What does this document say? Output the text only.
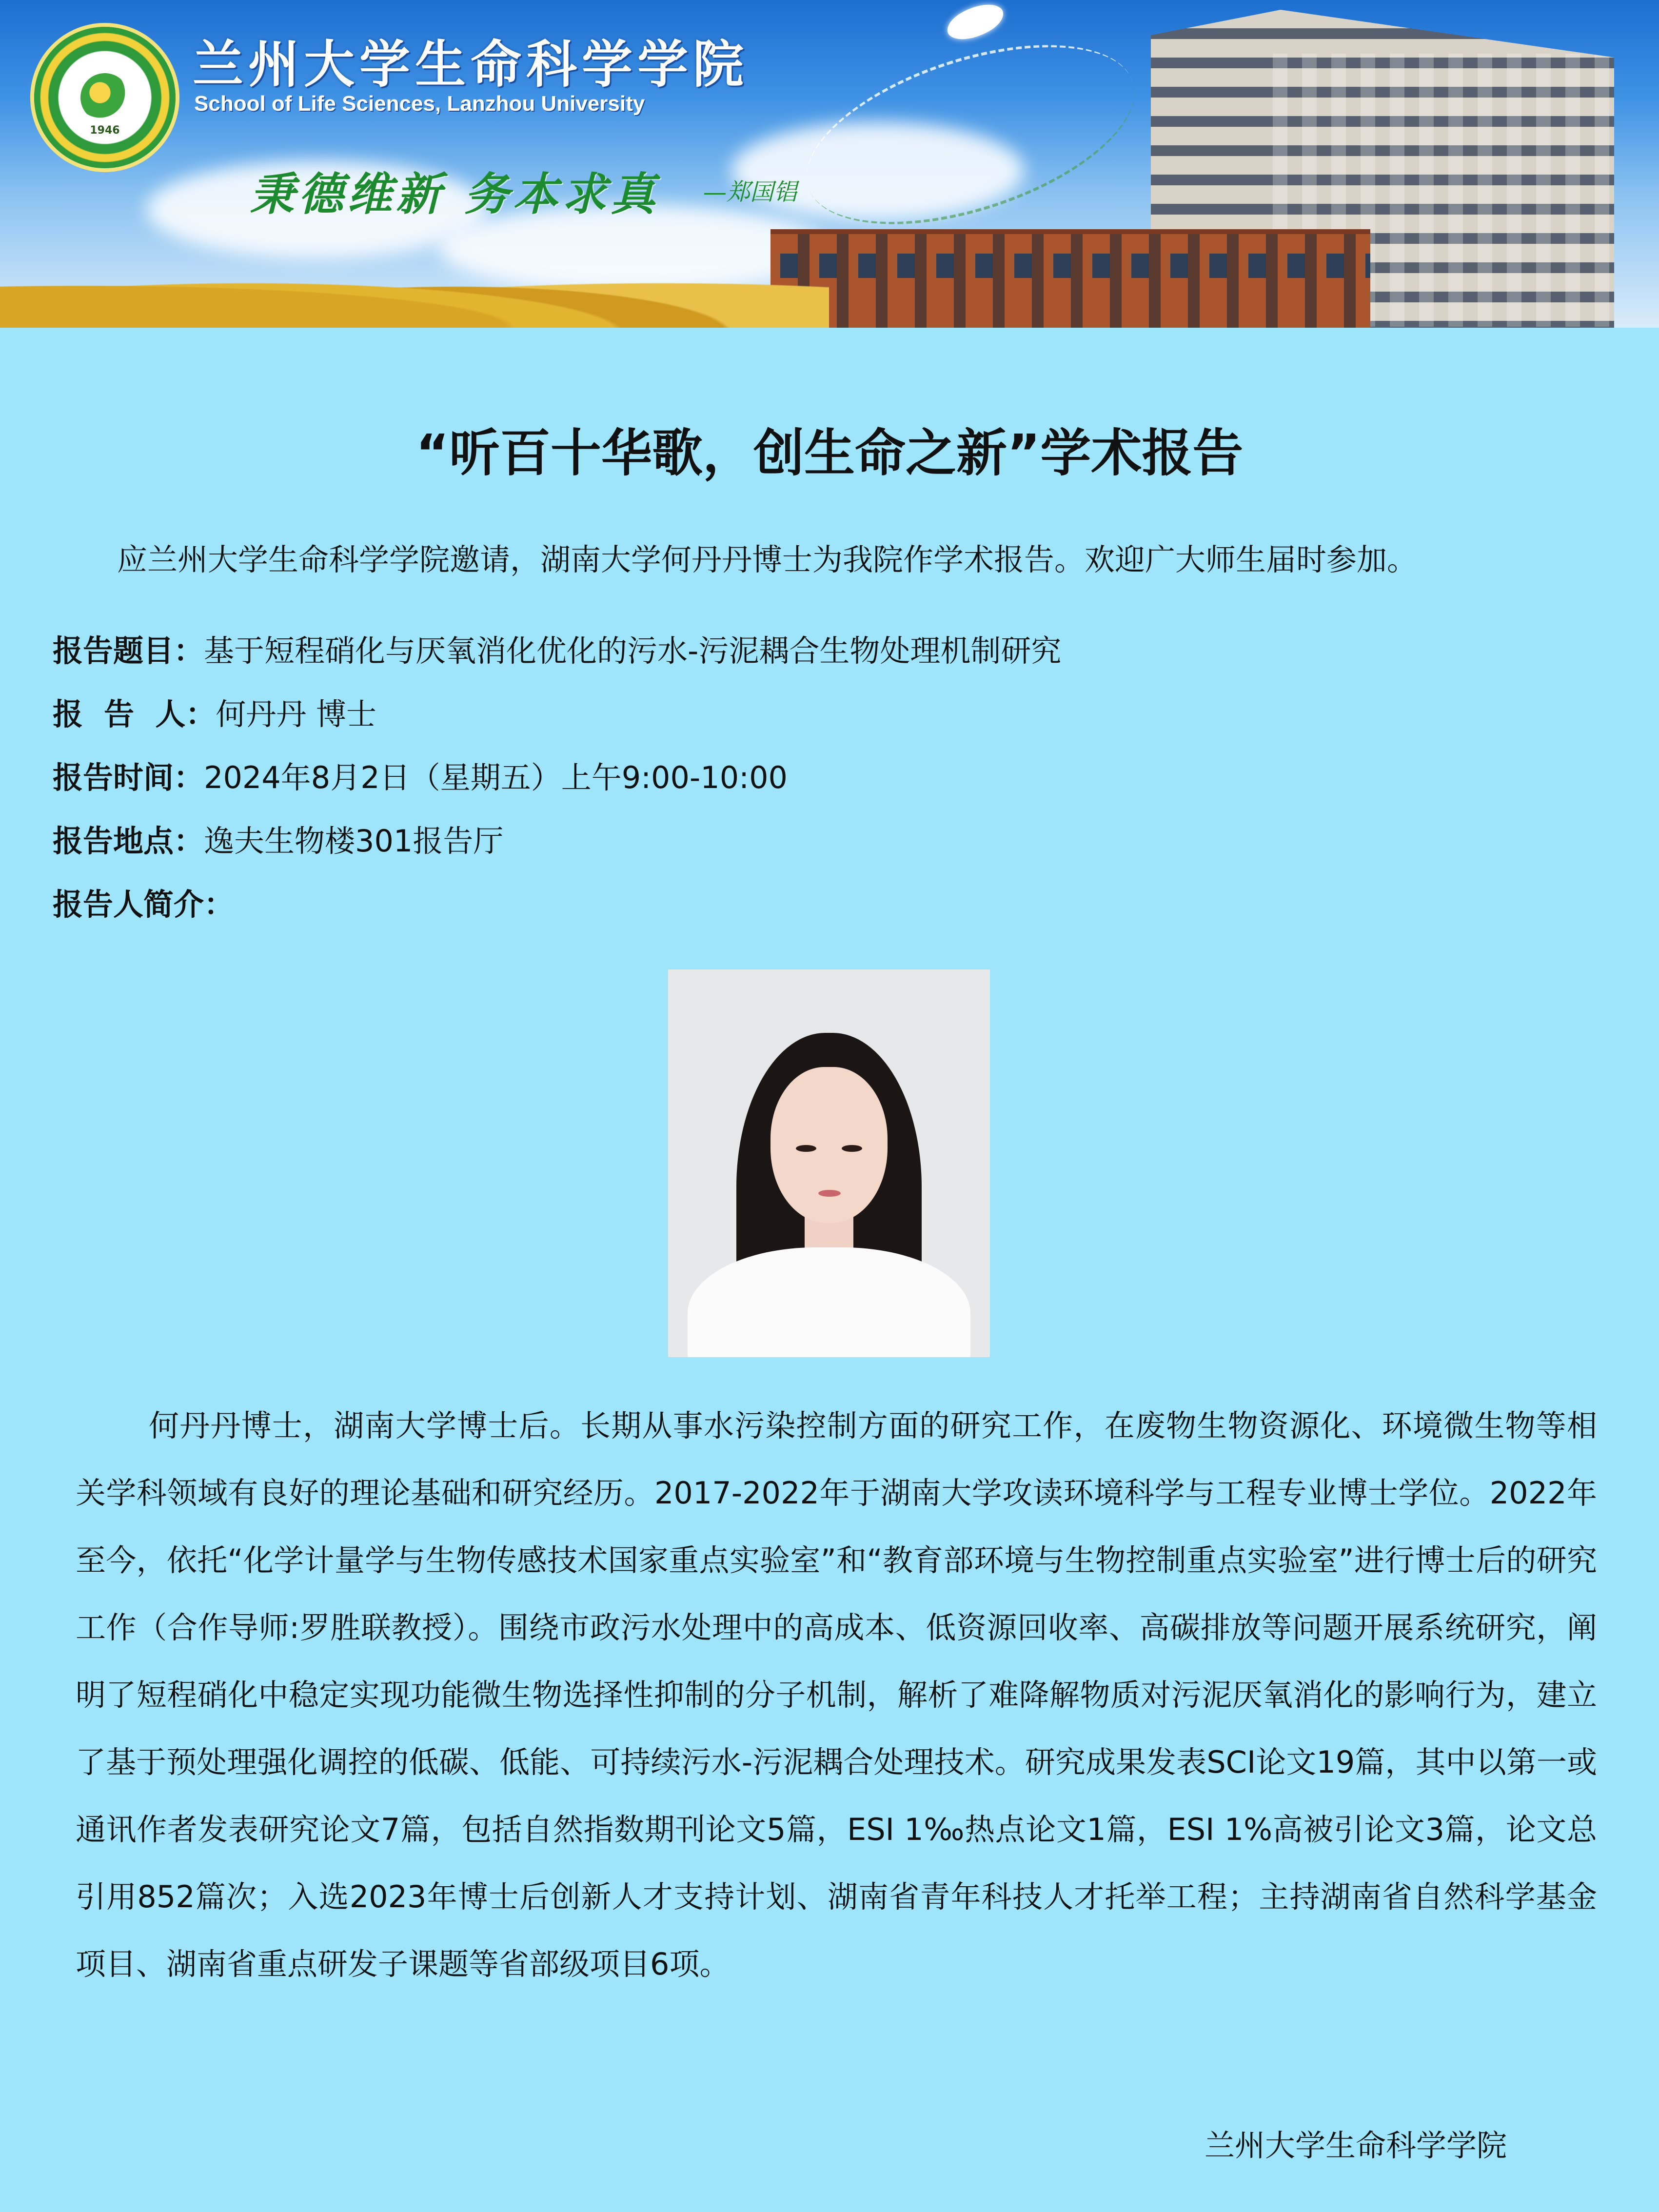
1946
兰州大学生命科学学院
School of Life Sciences, Lanzhou University
秉德维新 务本求真 —郑国锠
“听百十华歌，创生命之新”学术报告
应兰州大学生命科学学院邀请，湖南大学何丹丹博士为我院作学术报告。欢迎广大师生届时参加。
报告题目：基于短程硝化与厌氧消化优化的污水-污泥耦合生物处理机制研究
报  告  人：何丹丹 博士
报告时间：2024年8月2日（星期五）上午9:00-10:00
报告地点：逸夫生物楼301报告厅
报告人简介：
何丹丹博士，湖南大学博士后。长期从事水污染控制方面的研究工作，在废物生物资源化、环境微生物等相关学科领域有良好的理论基础和研究经历。2017-2022年于湖南大学攻读环境科学与工程专业博士学位。2022年至今，依托“化学计量学与生物传感技术国家重点实验室”和“教育部环境与生物控制重点实验室”进行博士后的研究工作（合作导师:罗胜联教授）。围绕市政污水处理中的高成本、低资源回收率、高碳排放等问题开展系统研究，阐明了短程硝化中稳定实现功能微生物选择性抑制的分子机制，解析了难降解物质对污泥厌氧消化的影响行为，建立了基于预处理强化调控的低碳、低能、可持续污水-污泥耦合处理技术。研究成果发表SCI论文19篇，其中以第一或通讯作者发表研究论文7篇，包括自然指数期刊论文5篇，ESI 1‰热点论文1篇，ESI 1%高被引论文3篇，论文总引用852篇次；入选2023年博士后创新人才支持计划、湖南省青年科技人才托举工程；主持湖南省自然科学基金项目、湖南省重点研发子课题等省部级项目6项。
兰州大学生命科学学院
